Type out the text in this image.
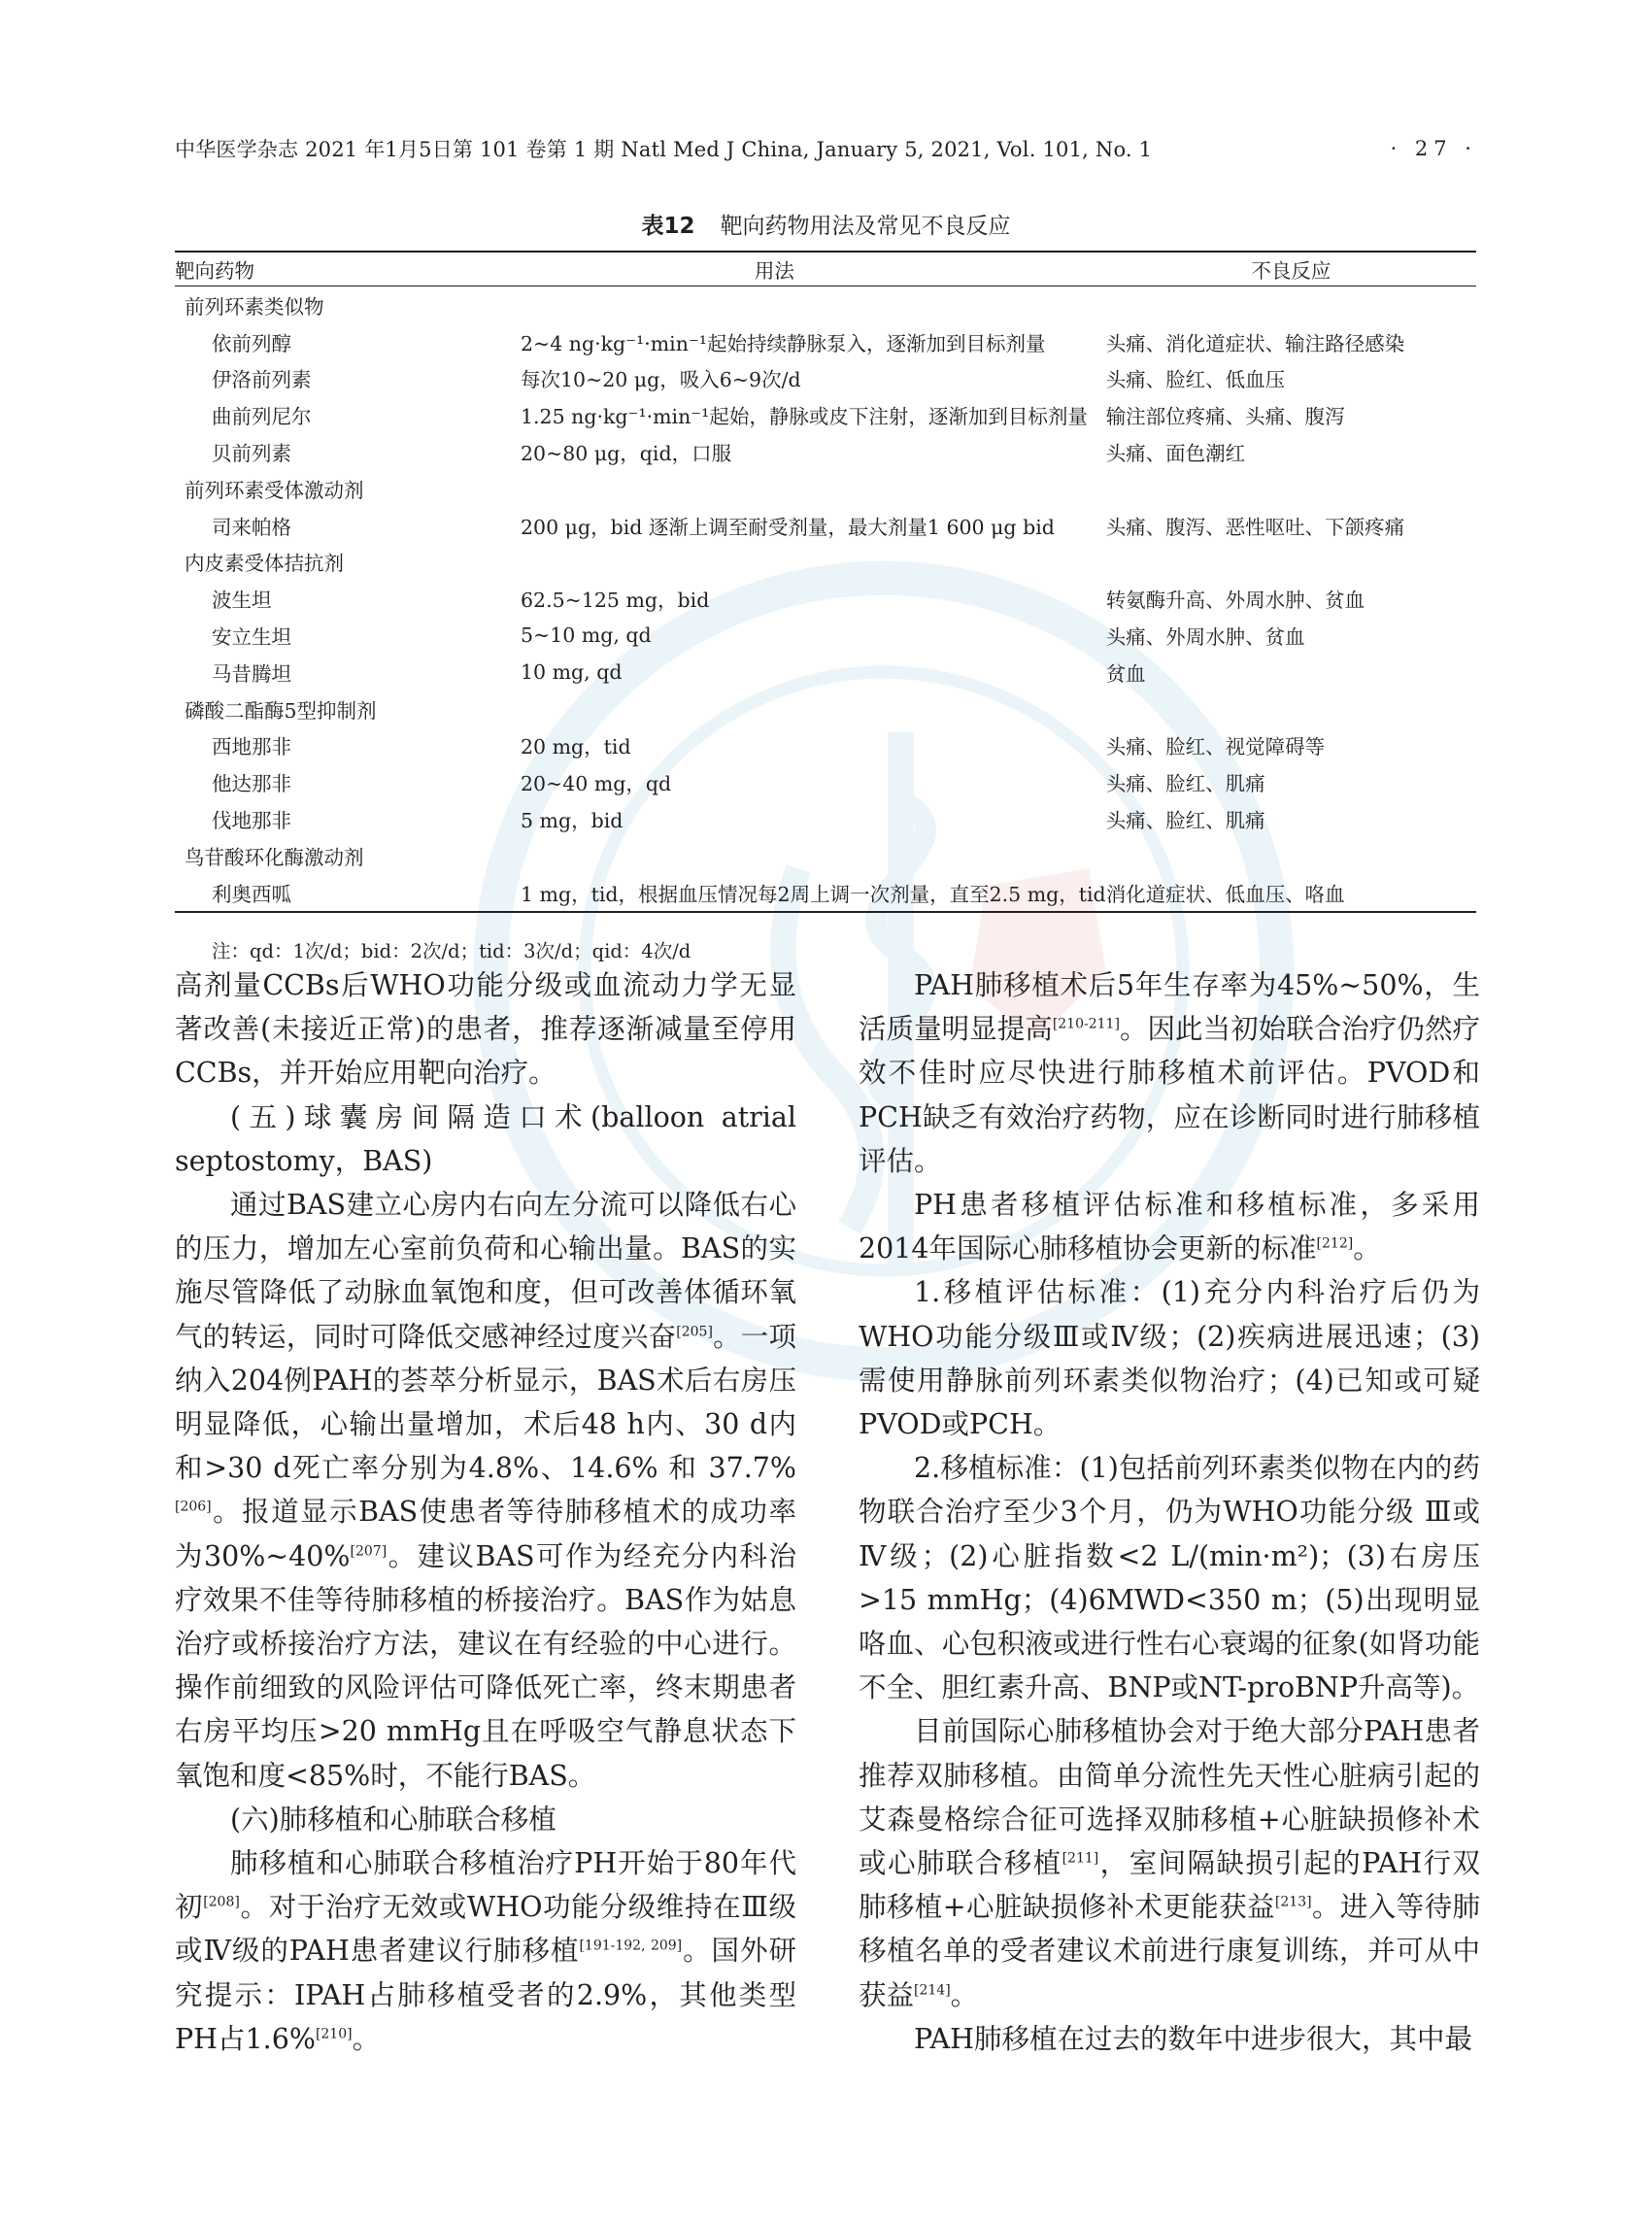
中华医学杂志 2021 年1月5日第 101 卷第 1 期 Natl Med J China, January 5, 2021, Vol. 101, No. 1	· 27 ·
表12 靶向药物用法及常见不良反应
靶向药物	用法	不良反应
前列环素类似物		
依前列醇	2~4 ng·kg⁻¹·min⁻¹起始持续静脉泵入，逐渐加到目标剂量	头痛、消化道症状、输注路径感染
伊洛前列素	每次10~20 μg，吸入6~9次/d	头痛、脸红、低血压
曲前列尼尔	1.25 ng·kg⁻¹·min⁻¹起始，静脉或皮下注射，逐渐加到目标剂量	输注部位疼痛、头痛、腹泻
贝前列素	20~80 μg，qid，口服	头痛、面色潮红
前列环素受体激动剂		
司来帕格	200 μg，bid 逐渐上调至耐受剂量，最大剂量1 600 μg bid	头痛、腹泻、恶性呕吐、下颌疼痛
内皮素受体拮抗剂		
波生坦	62.5~125 mg，bid	转氨酶升高、外周水肿、贫血
安立生坦	5~10 mg, qd	头痛、外周水肿、贫血
马昔腾坦	10 mg, qd	贫血
磷酸二酯酶5型抑制剂		
西地那非	20 mg，tid	头痛、脸红、视觉障碍等
他达那非	20~40 mg，qd	头痛、脸红、肌痛
伐地那非	5 mg，bid	头痛、脸红、肌痛
鸟苷酸环化酶激动剂		
利奥西呱	1 mg，tid，根据血压情况每2周上调一次剂量，直至2.5 mg，tid	消化道症状、低血压、咯血
注：qd：1次/d；bid：2次/d；tid：3次/d；qid：4次/d

高剂量CCBs后WHO功能分级或血流动力学无显著改善(未接近正常)的患者，推荐逐渐减量至停用CCBs，并开始应用靶向治疗。

(五)球囊房间隔造口术(balloon atrial septostomy，BAS)

通过BAS建立心房内右向左分流可以降低右心的压力，增加左心室前负荷和心输出量。BAS的实施尽管降低了动脉血氧饱和度，但可改善体循环氧气的转运，同时可降低交感神经过度兴奋[205]。一项纳入204例PAH的荟萃分析显示，BAS术后右房压明显降低，心输出量增加，术后48 h内、30 d内和>30 d死亡率分别为4.8%、14.6% 和 37.7%[206]。报道显示BAS使患者等待肺移植术的成功率为30%~40%[207]。建议BAS可作为经充分内科治疗效果不佳等待肺移植的桥接治疗。BAS作为姑息治疗或桥接治疗方法，建议在有经验的中心进行。操作前细致的风险评估可降低死亡率，终末期患者右房平均压>20 mmHg且在呼吸空气静息状态下氧饱和度<85%时，不能行BAS。

(六)肺移植和心肺联合移植

肺移植和心肺联合移植治疗PH开始于80年代初[208]。对于治疗无效或WHO功能分级维持在Ⅲ级或Ⅳ级的PAH患者建议行肺移植[191-192, 209]。国外研究提示：IPAH占肺移植受者的2.9%，其他类型PH占1.6%[210]。

PAH肺移植术后5年生存率为45%~50%，生活质量明显提高[210-211]。因此当初始联合治疗仍然疗效不佳时应尽快进行肺移植术前评估。PVOD和PCH缺乏有效治疗药物，应在诊断同时进行肺移植评估。

PH患者移植评估标准和移植标准，多采用2014年国际心肺移植协会更新的标准[212]。

1.移植评估标准：(1)充分内科治疗后仍为WHO功能分级Ⅲ或Ⅳ级；(2)疾病进展迅速；(3)需使用静脉前列环素类似物治疗；(4)已知或可疑PVOD或PCH。

2.移植标准：(1)包括前列环素类似物在内的药物联合治疗至少3个月，仍为WHO功能分级 Ⅲ或Ⅳ级；(2)心脏指数<2 L/(min·m²)；(3)右房压>15 mmHg；(4)6MWD<350 m；(5)出现明显咯血、心包积液或进行性右心衰竭的征象(如肾功能不全、胆红素升高、BNP或NT-proBNP升高等)。

目前国际心肺移植协会对于绝大部分PAH患者推荐双肺移植。由简单分流性先天性心脏病引起的艾森曼格综合征可选择双肺移植+心脏缺损修补术或心肺联合移植[211]，室间隔缺损引起的PAH行双肺移植+心脏缺损修补术更能获益[213]。进入等待肺移植名单的受者建议术前进行康复训练，并可从中获益[214]。

PAH肺移植在过去的数年中进步很大，其中最
